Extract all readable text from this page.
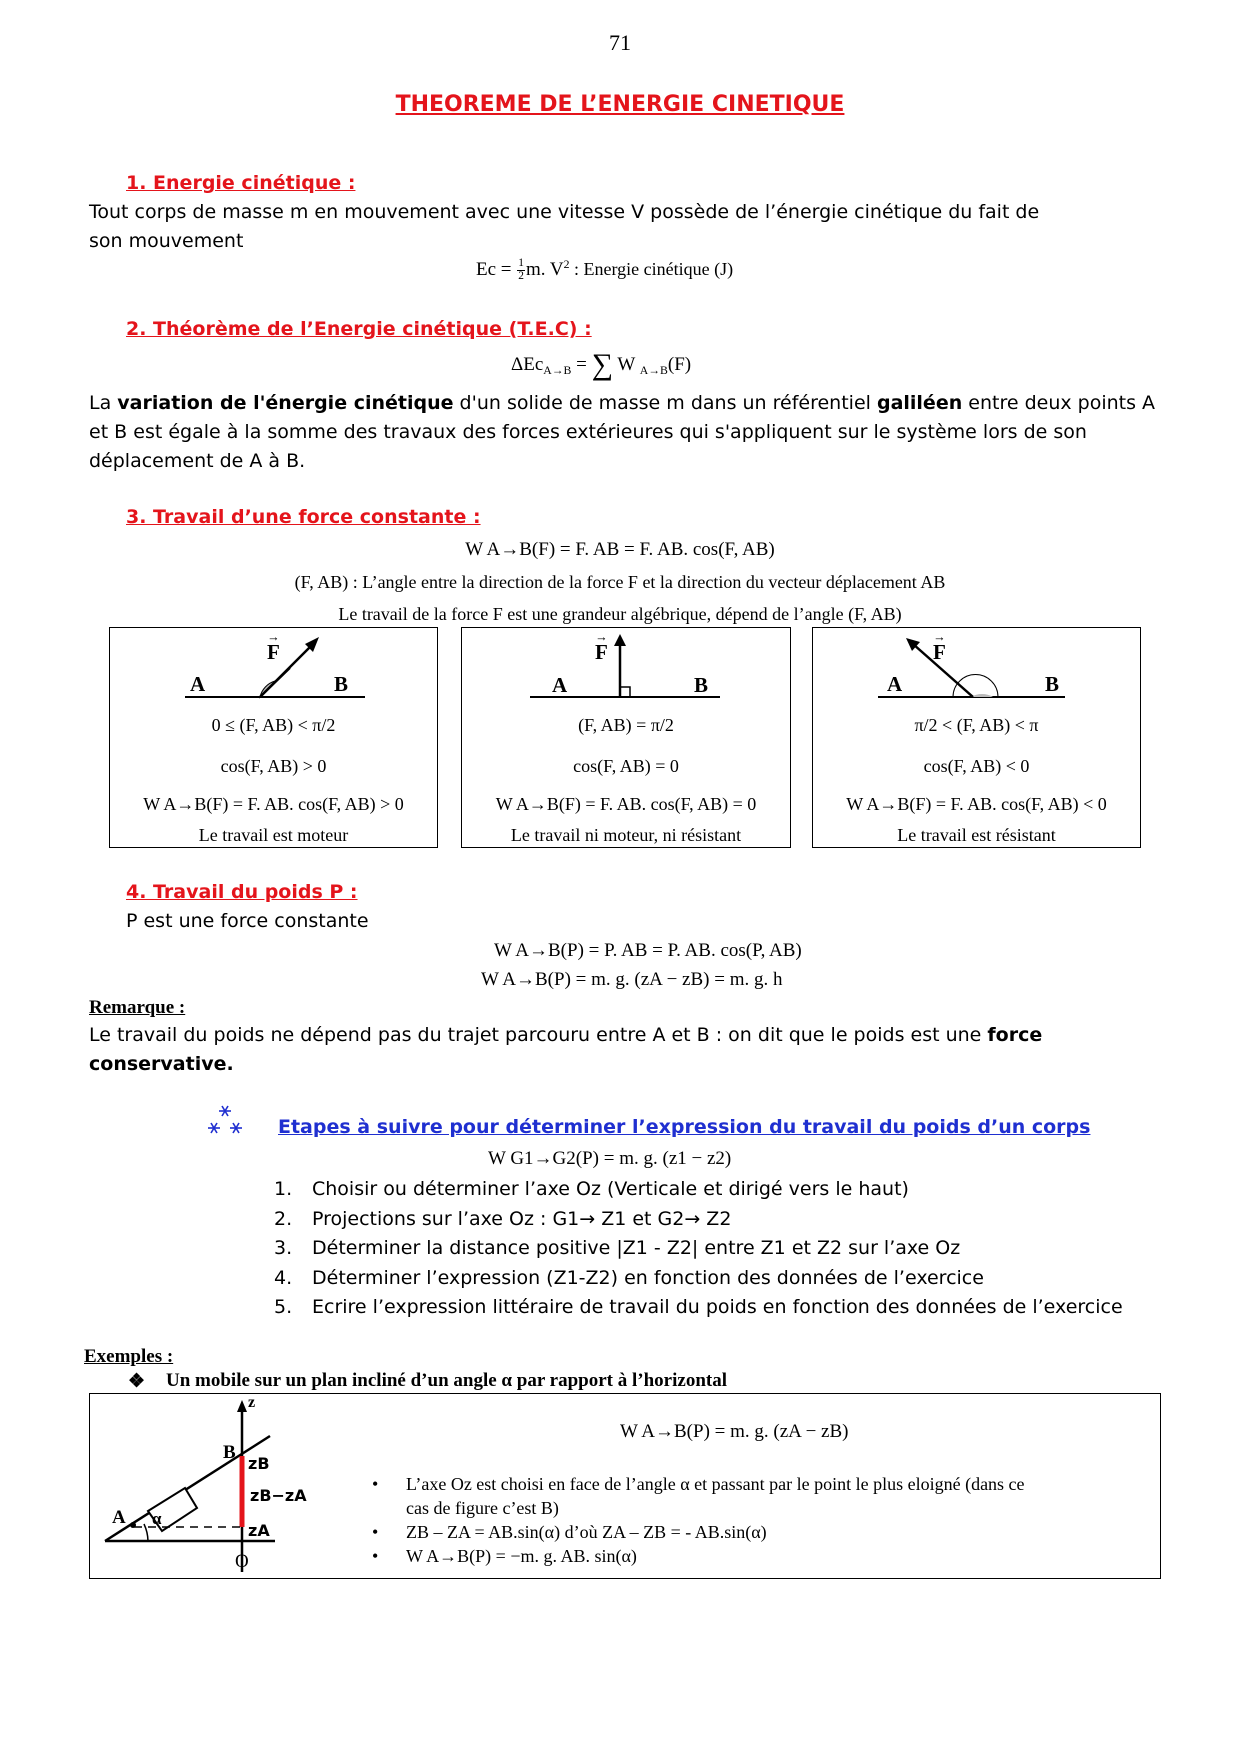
71
THEOREME DE L’ENERGIE CINETIQUE
1. Energie cinétique :
Tout corps de masse m en mouvement avec une vitesse V possède de l’énergie cinétique du fait de
son mouvement
$Ec = \frac{1}{2} m$. $V^2$ : Energie cinétique (J)
2. Théorème de l’Energie cinétique (T.E.C) :
ΔEc$_{A\to B}$ = ∑ W $_{A\to B}$(F)
La variation de l'énergie cinétique d'un solide de masse m dans un référentiel galiléen entre deux points A
et B est égale à la somme des travaux des forces extérieures qui s'appliquent sur le système lors de son
déplacement de A à B.
3. Travail d’une force constante :
W A→B(F) = F. AB = F. AB. cos(F, AB)
(F, AB) : L’angle entre la direction de la force F et la direction du vecteur déplacement AB
Le travail de la force F est une grandeur algébrique, dépend de l’angle (F, AB)
A	B
→ F
0 ≤ (F, AB) < π/2
cos(F, AB) > 0
W A→B(F) = F. AB. cos(F, AB) > 0
Le travail est moteur
A	B
→ F
(F, AB) = π/2
cos(F, AB) = 0
W A→B(F) = F. AB. cos(F, AB) = 0
Le travail ni moteur, ni résistant
A	B
→ F
π/2 < (F, AB) < π
cos(F, AB) < 0
W A→B(F) = F. AB. cos(F, AB) < 0
Le travail est résistant
4. Travail du poids P :
P est une force constante
W A→B(P) = P. AB = P. AB. cos(P, AB)
W A→B(P) = m. g. (zA − zB) = m. g. h
Remarque :
Le travail du poids ne dépend pas du trajet parcouru entre A et B : on dit que le poids est une force
conservative.
Etapes à suivre pour déterminer l’expression du travail du poids d’un corps
W G1→G2(P) = m. g. (z1 − z2)
1.	Choisir ou déterminer l’axe Oz (Verticale et dirigé vers le haut)
2.	Projections sur l’axe Oz : G1→ Z1 et G2→ Z2
3.	Déterminer la distance positive |Z1 - Z2| entre Z1 et Z2 sur l’axe Oz
4.	Déterminer l’expression (Z1-Z2) en fonction des données de l’exercice
5.	Ecrire l’expression littéraire de travail du poids en fonction des données de l’exercice
Exemples :
❖ Un mobile sur un plan incliné d’un angle α par rapport à l’horizontal
z
B
zB
zB−zA
A α
zA
O
W A→B(P) = m. g. (zA − zB)
• L’axe Oz est choisi en face de l’angle α et passant par le point le plus eloigné (dans ce
cas de figure c’est B)
• ZB – ZA = AB.sin(α) d’où ZA – ZB = - AB.sin(α)
• W A→B(P) = −m. g. AB. sin(α)
